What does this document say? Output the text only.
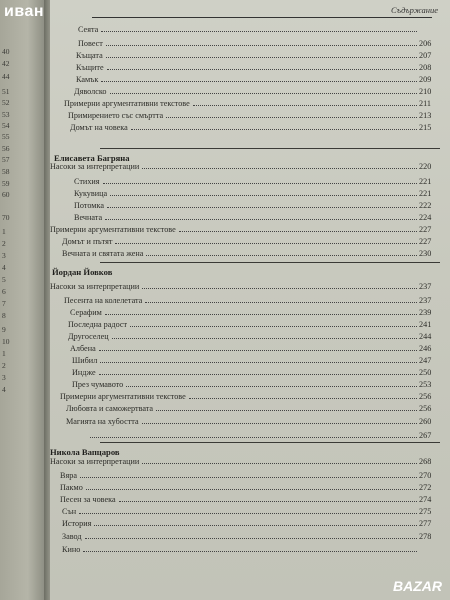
иван
40
42
44
51
52
53
54
55
56
57
58
59
60
70
1
2
3
4
5
6
7
8
9
10
1
2
3
4
Съдържание
Сеята
Повест	206
Къщата	207
Къщите	208
Камък	209
Дяволско	210
Примерни аргументативни текстове	211
Примирението със смъртта	213
Домът на човека	215
Насоки за интерпретации	220
Стихия	221
Кукувица	221
Потомка	222
Вечната	224
Примерни аргументативни текстове	227
Домът и пътят	227
Вечната и святата жена	230
Насоки за интерпретации	237
Песента на колелетата	237
Серафим	239
Последна радост	241
Другоселец	244
Албена	246
Шибил	247
Индже	250
През чумавото	253
Примерни аргументативни текстове	256
Любовта и саможертвата	256
Магията на хубостта	260
267
Насоки за интерпретации	268
Вяра	270
Пакмо	272
Песен за човека	274
Сън	275
История	277
Завод	278
Кино
Елисавета Багряна
Йордан Йовков
Никола Вапцаров
BAZAR
